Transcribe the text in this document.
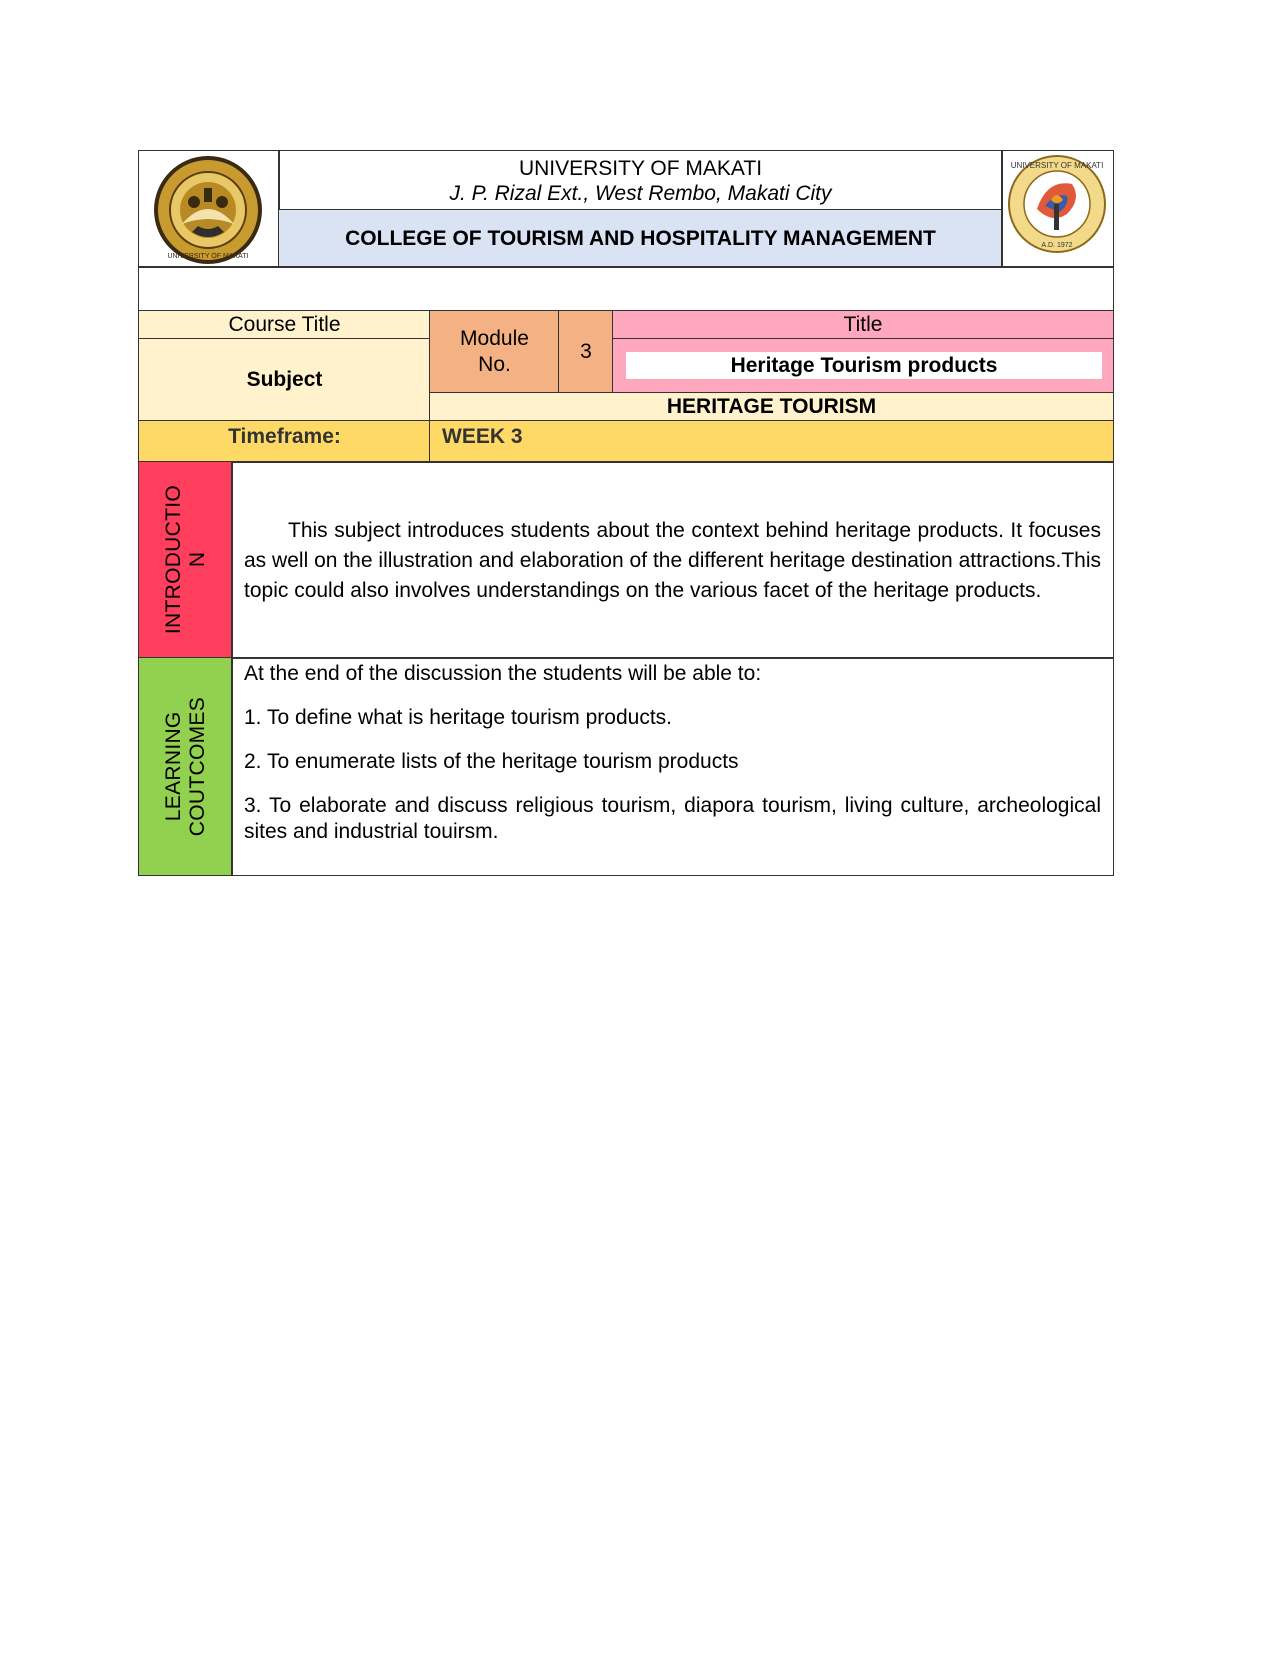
UNIVERSITY OF MAKATI
UNIVERSITY OF MAKATI
J. P. Rizal Ext., West Rembo, Makati City
COLLEGE OF TOURISM AND HOSPITALITY MANAGEMENT
UNIVERSITY OF MAKATI
A.D. 1972
Course Title
Subject
Module No.
3
Title
Heritage Tourism products
HERITAGE TOURISM
Timeframe:	WEEK 3
INTRODUCTIO
N

This subject introduces students about the context behind heritage products. It focuses as well on the illustration and elaboration of the different heritage destination attractions.This topic could also involves understandings on the various facet of the heritage products.

LEARNING
COUTCOMES

At the end of the discussion the students will be able to:

1. To define what is heritage tourism products.

2. To enumerate lists of the heritage tourism products

3. To elaborate and discuss religious tourism, diapora tourism, living culture, archeological sites and industrial touirsm.
